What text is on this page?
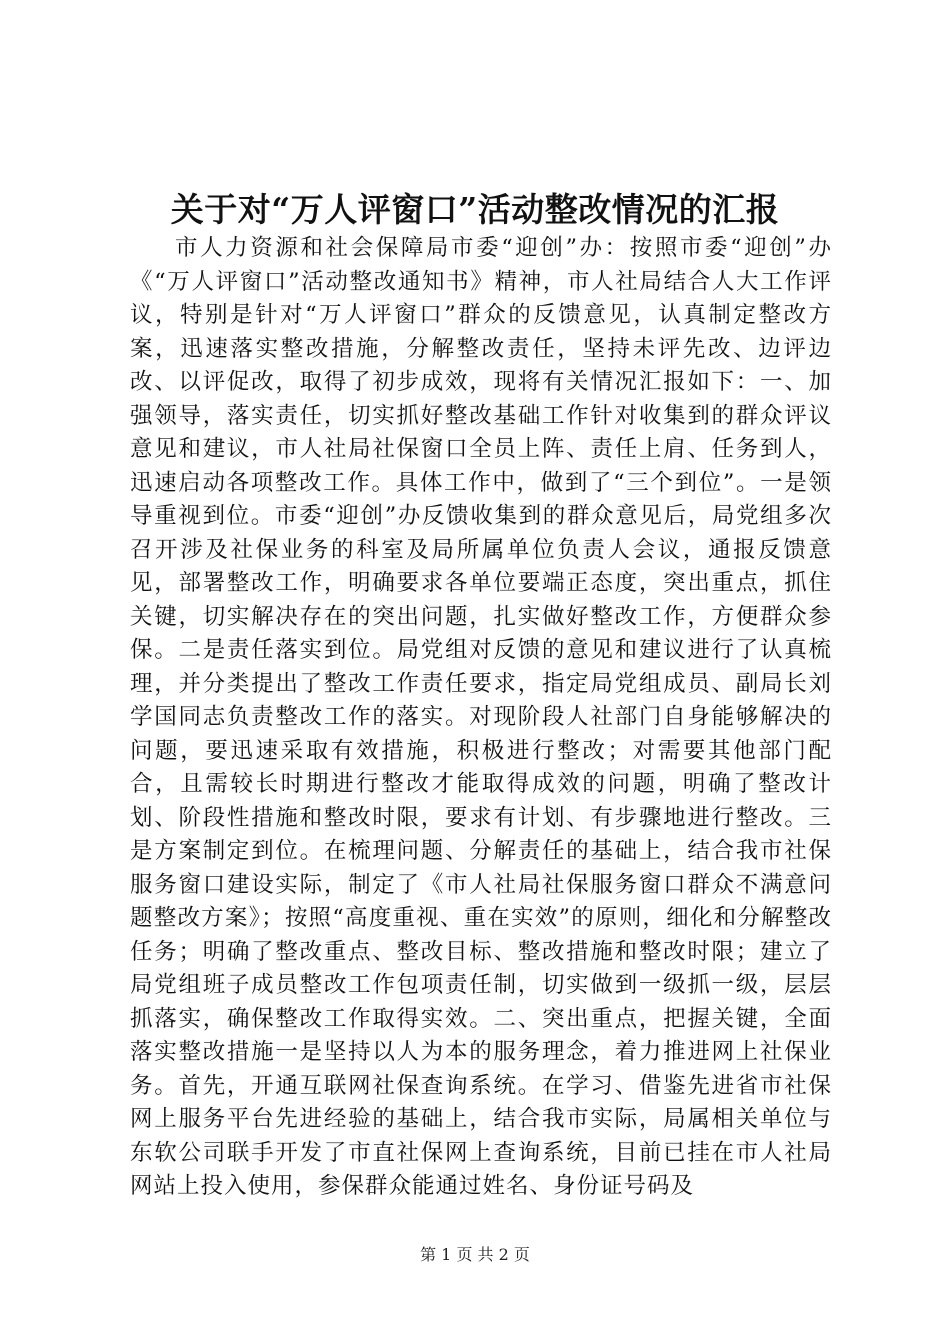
关于对“万人评窗口”活动整改情况的汇报

市人力资源和社会保障局市委“迎创”办：按照市委“迎创”办《“万人评窗口”活动整改通知书》精神，市人社局结合人大工作评议，特别是针对“万人评窗口”群众的反馈意见，认真制定整改方案，迅速落实整改措施，分解整改责任，坚持未评先改、边评边改、以评促改，取得了初步成效，现将有关情况汇报如下：一、加强领导，落实责任，切实抓好整改基础工作针对收集到的群众评议意见和建议，市人社局社保窗口全员上阵、责任上肩、任务到人，迅速启动各项整改工作。具体工作中，做到了“三个到位”。一是领导重视到位。市委“迎创”办反馈收集到的群众意见后，局党组多次召开涉及社保业务的科室及局所属单位负责人会议，通报反馈意见，部署整改工作，明确要求各单位要端正态度，突出重点，抓住关键，切实解决存在的突出问题，扎实做好整改工作，方便群众参保。二是责任落实到位。局党组对反馈的意见和建议进行了认真梳理，并分类提出了整改工作责任要求，指定局党组成员、副局长刘学国同志负责整改工作的落实。对现阶段人社部门自身能够解决的问题，要迅速采取有效措施，积极进行整改；对需要其他部门配合，且需较长时期进行整改才能取得成效的问题，明确了整改计划、阶段性措施和整改时限，要求有计划、有步骤地进行整改。三是方案制定到位。在梳理问题、分解责任的基础上，结合我市社保服务窗口建设实际，制定了《市人社局社保服务窗口群众不满意问题整改方案》；按照“高度重视、重在实效”的原则，细化和分解整改任务；明确了整改重点、整改目标、整改措施和整改时限；建立了局党组班子成员整改工作包项责任制，切实做到一级抓一级，层层抓落实，确保整改工作取得实效。二、突出重点，把握关键，全面落实整改措施一是坚持以人为本的服务理念，着力推进网上社保业务。首先，开通互联网社保查询系统。在学习、借鉴先进省市社保网上服务平台先进经验的基础上，结合我市实际，局属相关单位与东软公司联手开发了市直社保网上查询系统，目前已挂在市人社局网站上投入使用，参保群众能通过姓名、身份证号码及

第 1 页 共 2 页
